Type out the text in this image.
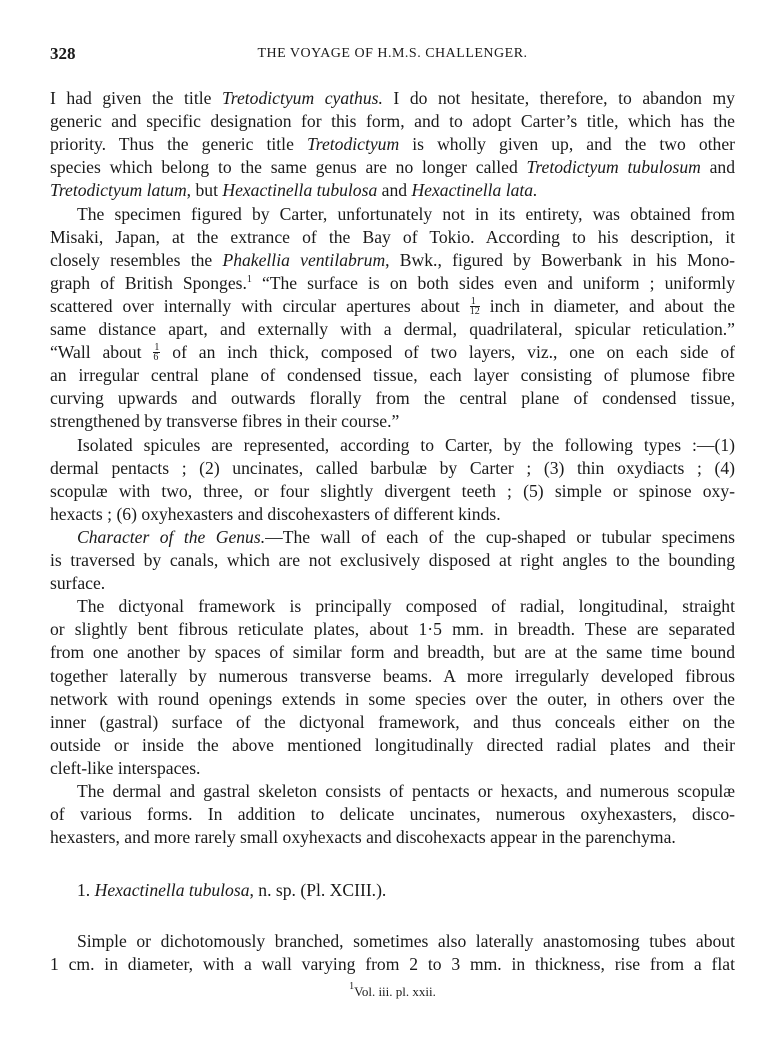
328	THE VOYAGE OF H.M.S. CHALLENGER.
I had given the title Tretodictyum cyathus. I do not hesitate, therefore, to abandon my
generic and specific designation for this form, and to adopt Carter’s title, which has the
priority. Thus the generic title Tretodictyum is wholly given up, and the two other
species which belong to the same genus are no longer called Tretodictyum tubulosum and
Tretodictyum latum, but Hexactinella tubulosa and Hexactinella lata.
The specimen figured by Carter, unfortunately not in its entirety, was obtained from
Misaki, Japan, at the extrance of the Bay of Tokio. According to his description, it
closely resembles the Phakellia ventilabrum, Bwk., figured by Bowerbank in his Mono-
graph of British Sponges.$^1$ “The surface is on both sides even and uniform ; uniformly
scattered over internally with circular apertures about $\frac{1}{12}$ inch in diameter, and about the
same distance apart, and externally with a dermal, quadrilateral, spicular reticulation.”
“Wall about $\frac{1}{6}$ of an inch thick, composed of two layers, viz., one on each side of
an irregular central plane of condensed tissue, each layer consisting of plumose fibre
curving upwards and outwards florally from the central plane of condensed tissue,
strengthened by transverse fibres in their course.”
Isolated spicules are represented, according to Carter, by the following types :—(1)
dermal pentacts ; (2) uncinates, called barbulæ by Carter ; (3) thin oxydiacts ; (4)
scopulæ with two, three, or four slightly divergent teeth ; (5) simple or spinose oxy-
hexacts ; (6) oxyhexasters and discohexasters of different kinds.
Character of the Genus.—The wall of each of the cup-shaped or tubular specimens
is traversed by canals, which are not exclusively disposed at right angles to the bounding
surface.
The dictyonal framework is principally composed of radial, longitudinal, straight
or slightly bent fibrous reticulate plates, about 1·5 mm. in breadth. These are separated
from one another by spaces of similar form and breadth, but are at the same time bound
together laterally by numerous transverse beams. A more irregularly developed fibrous
network with round openings extends in some species over the outer, in others over the
inner (gastral) surface of the dictyonal framework, and thus conceals either on the
outside or inside the above mentioned longitudinally directed radial plates and their
cleft-like interspaces.
The dermal and gastral skeleton consists of pentacts or hexacts, and numerous scopulæ
of various forms. In addition to delicate uncinates, numerous oxyhexasters, disco-
hexasters, and more rarely small oxyhexacts and discohexacts appear in the parenchyma.
1. Hexactinella tubulosa, n. sp. (Pl. XCIII.).
Simple or dichotomously branched, sometimes also laterally anastomosing tubes about
1 cm. in diameter, with a wall varying from 2 to 3 mm. in thickness, rise from a flat
$^1$Vol. iii. pl. xxii.
